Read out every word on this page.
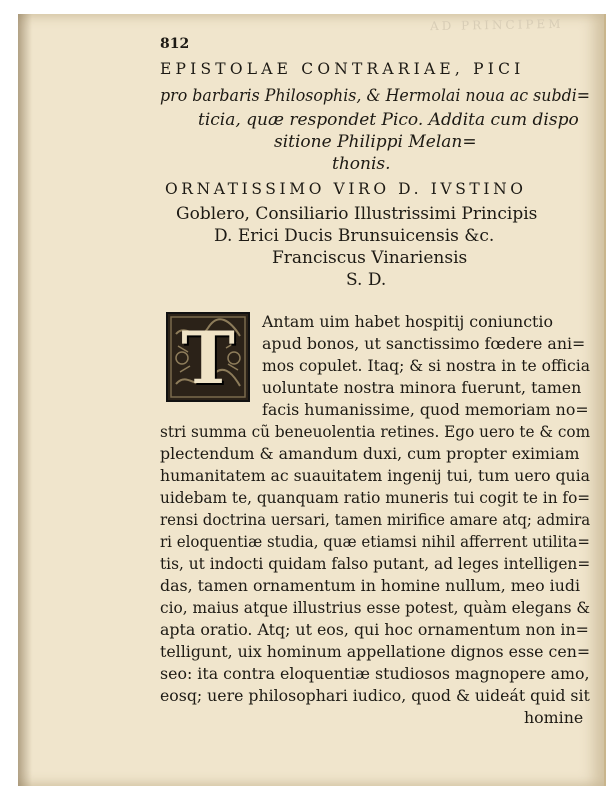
AD PRINCIPEM
812
EPISTOLAE CONTRARIAE, PICI
pro barbaris Philosophis, & Hermolai noua ac subdi=
ticia, quæ respondet Pico. Addita cum dispo
sitione Philippi Melan=
thonis.
ORNATISSIMO VIRO D. IVSTINO
Goblero, Consiliario Illustrissimi Principis
D. Erici Ducis Brunsuicensis &c.
Franciscus Vinariensis
S. D.
T	Antam uim habet hospitij coniunctio
apud bonos, ut sanctissimo fœdere ani=
mos copulet. Itaq; & si nostra in te officia
uoluntate nostra minora fuerunt, tamen
facis humanissime, quod memoriam no=
stri summa cũ beneuolentia retines. Ego uero te & com
plectendum & amandum duxi, cum propter eximiam
humanitatem ac suauitatem ingenij tui, tum uero quia
uidebam te, quanquam ratio muneris tui cogit te in fo=
rensi doctrina uersari, tamen mirifice amare atq; admira
ri eloquentiæ studia, quæ etiamsi nihil afferrent utilita=
tis, ut indocti quidam falso putant, ad leges intelligen=
das, tamen ornamentum in homine nullum, meo iudi
cio, maius atque illustrius esse potest, quàm elegans &
apta oratio. Atq; ut eos, qui hoc ornamentum non in=
telligunt, uix hominum appellatione dignos esse cen=
seo: ita contra eloquentiæ studiosos magnopere amo,
eosq; uere philosophari iudico, quod & uideát quid sit
homine
